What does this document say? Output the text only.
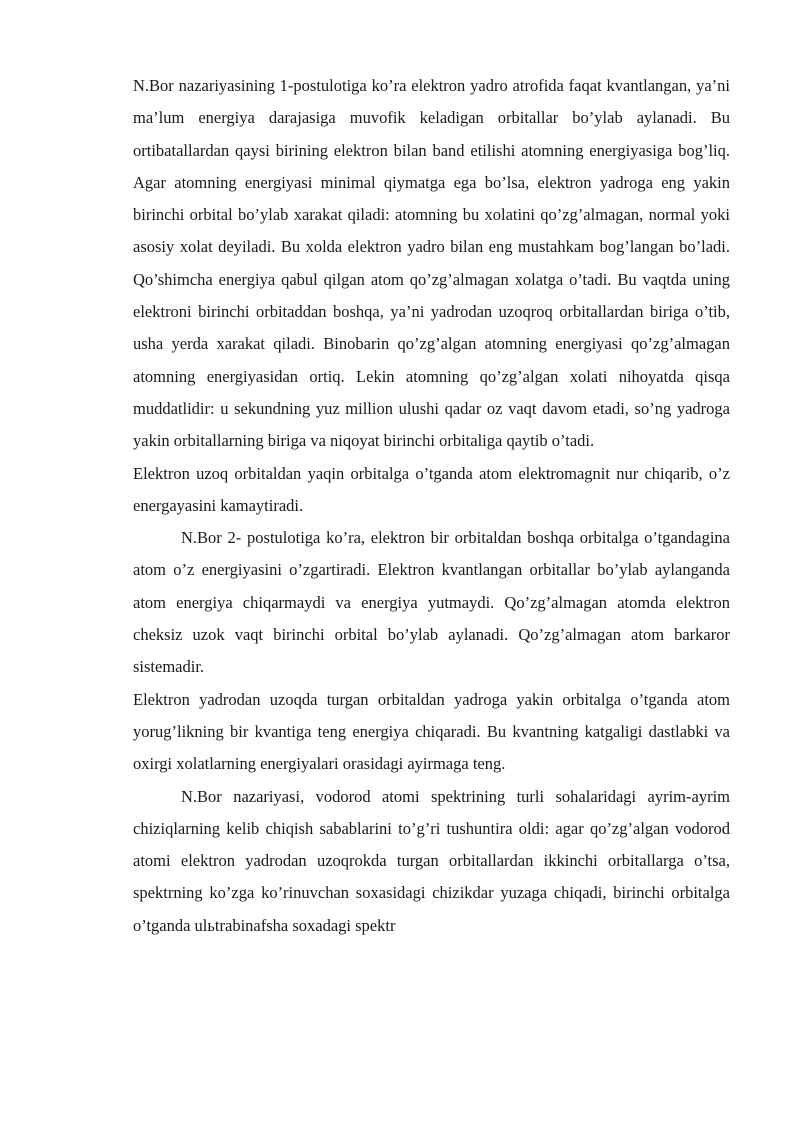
N.Bor nazariyasining 1-postulotiga ko’ra elektron yadro atrofida faqat kvantlangan, ya’ni ma’lum energiya darajasiga muvofik keladigan orbitallar bo’ylab aylanadi. Bu ortibatallardan qaysi birining elektron bilan band etilishi atomning energiyasiga bog’liq. Agar atomning energiyasi minimal qiymatga ega bo’lsa, elektron yadroga eng yakin birinchi orbital bo’ylab xarakat qiladi: atomning bu xolatini qo’zg’almagan, normal yoki asosiy xolat deyiladi. Bu xolda elektron yadro bilan eng mustahkam bog’langan bo’ladi. Qo’shimcha energiya qabul qilgan atom qo’zg’almagan xolatga o’tadi. Bu vaqtda uning elektroni birinchi orbitaddan boshqa, ya’ni yadrodan uzoqroq orbitallardan biriga o’tib, usha yerda xarakat qiladi. Binobarin qo’zg’algan atomning energiyasi qo’zg’almagan atomning energiyasidan ortiq. Lekin atomning qo’zg’algan xolati nihoyatda qisqa muddatlidir: u sekundning yuz million ulushi qadar oz vaqt davom etadi, so’ng yadroga yakin orbitallarning biriga va niqoyat birinchi orbitaliga qaytib o’tadi.

Elektron uzoq orbitaldan yaqin orbitalga o’tganda atom elektromagnit nur chiqarib, o’z energayasini kamaytiradi.

N.Bor 2- postulotiga ko’ra, elektron bir orbitaldan boshqa orbitalga o’tgandagina atom o’z energiyasini o’zgartiradi. Elektron kvantlangan orbitallar bo’ylab aylanganda atom energiya chiqarmaydi va energiya yutmaydi. Qo’zg’almagan atomda elektron cheksiz uzok vaqt birinchi orbital bo’ylab aylanadi. Qo’zg’almagan atom barkaror sistemadir.

Elektron yadrodan uzoqda turgan orbitaldan yadroga yakin orbitalga o’tganda atom yorug’likning bir kvantiga teng energiya chiqaradi. Bu kvantning katgaligi dastlabki va oxirgi xolatlarning energiyalari orasidagi ayirmaga teng.

N.Bor nazariyasi, vodorod atomi spektrining turli sohalaridagi ayrim-ayrim chiziqlarning kelib chiqish sabablarini to’g’ri tushuntira oldi: agar qo’zg’algan vodorod atomi elektron yadrodan uzoqrokda turgan orbitallardan ikkinchi orbitallarga o’tsa, spektrning ko’zga ko’rinuvchan soxasidagi chizikdar yuzaga chiqadi, birinchi orbitalga o’tganda ulьtrabinafsha soxadagi spektr
